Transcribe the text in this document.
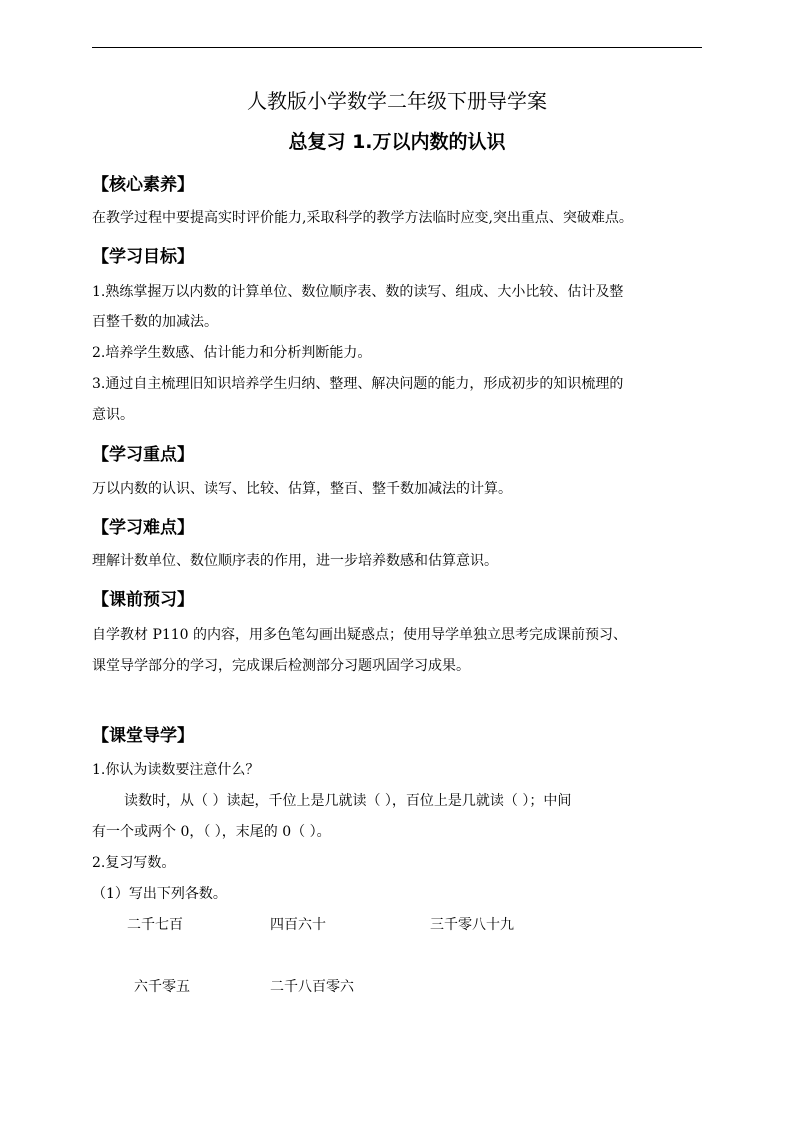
人教版小学数学二年级下册导学案
总复习 1.万以内数的认识
【核心素养】
在教学过程中要提高实时评价能力,采取科学的教学方法临时应变,突出重点、突破难点。
【学习目标】
1.熟练掌握万以内数的计算单位、数位顺序表、数的读写、组成、大小比较、估计及整
百整千数的加减法。
2.培养学生数感、估计能力和分析判断能力。
3.通过自主梳理旧知识培养学生归纳、整理、解决问题的能力，形成初步的知识梳理的
意识。
【学习重点】
万以内数的认识、读写、比较、估算，整百、整千数加减法的计算。
【学习难点】
理解计数单位、数位顺序表的作用，进一步培养数感和估算意识。
【课前预习】
自学教材 P110 的内容，用多色笔勾画出疑惑点；使用导学单独立思考完成课前预习、
课堂导学部分的学习，完成课后检测部分习题巩固学习成果。
【课堂导学】
1.你认为读数要注意什么？
读数时，从（ ）读起，千位上是几就读（ ），百位上是几就读（ ）；中间
有一个或两个 0，（ ），末尾的 0（ ）。
2.复习写数。
（1）写出下列各数。
二千七百	四百六十	三千零八十九
六千零五	二千八百零六
